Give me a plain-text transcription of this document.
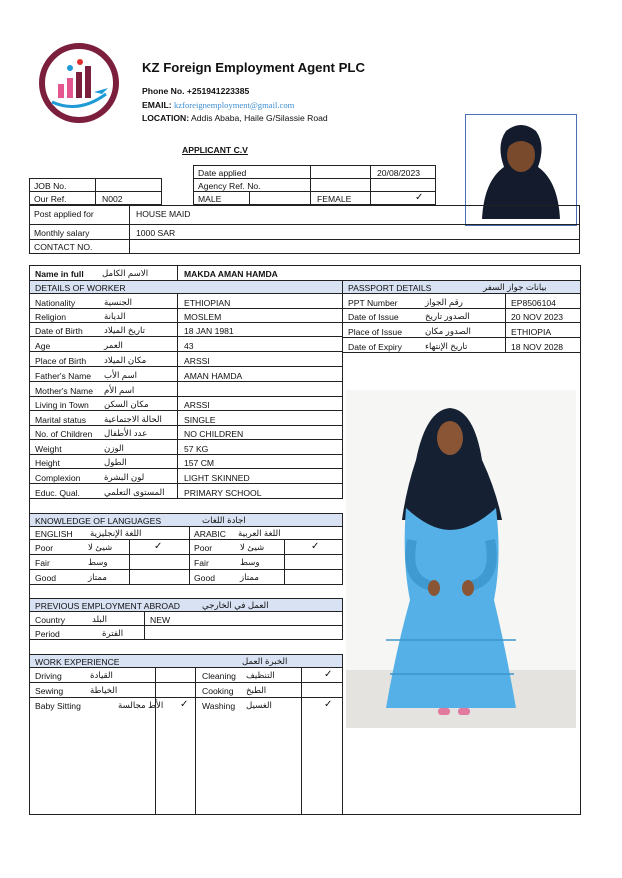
KZ Foreign Employment Agent PLC
Phone No. +251941223385
EMAIL: kzforeignemployment@gmail.com
LOCATION: Addis Ababa, Haile G/Silassie Road
APPLICANT C.V
Date applied	20/08/2023
JOB No.	Agency Ref. No.
Our Ref.	N002	MALE	FEMALE	✓
Post applied for	HOUSE MAID
Monthly salary	1000 SAR
CONTACT NO.
Name in full الاسم الكامل	MAKDA AMAN HAMDA
DETAILS OF WORKER	PASSPORT DETAILS	بيانات جواز السفر
Nationality	الجنسية	ETHIOPIAN
Religion	الديانة	MOSLEM
Date of Birth تاريخ الميلاد	18 JAN 1981
Age	العمر	43
Place of Birth مكان الميلاد	ARSSI
Father's Name اسم الأب	AMAN HAMDA
Mother's Name اسم الأم
Living in Town مكان السكن	ARSSI
Marital status الحالة الاجتماعية	SINGLE
No. of Children عدد الأطفال	NO CHILDREN
Weight	الوزن	57 KG
Height	الطول	157 CM
Complexion	لون البشرة	LIGHT SKINNED
Educ. Qual.	المستوى التعلمي PRIMARY SCHOOL
PPT Number	رقم الجواز	EP8506104
Date of Issue	الصدور تاريخ	20 NOV 2023
Place of Issue	الصدور مكان	ETHIOPIA
Date of Expiry	تاريخ الإنتهاء	18 NOV 2028
KNOWLEDGE OF LANGUAGES	اجادة اللغات
ENGLISH اللغة الإنجليزية	ARABIC اللغة العربية
Poor	شيئ لا	✓	Poor	شيئ لا	✓
Fair	وسط	Fair	وسط
Good	ممتاز	Good	ممتاز
PREVIOUS EMPLOYMENT ABROAD	العمل في الخارجي
Country	البلد	NEW
Period	الفترة
WORK EXPERIENCE	الخبرة العمل
Driving	القيادة	Cleaning التنظيف	✓
Sewing	الخياطة	Cooking الطبخ
Baby Sitting	الأط مجالسة ✓ Washing الغسيل	✓
